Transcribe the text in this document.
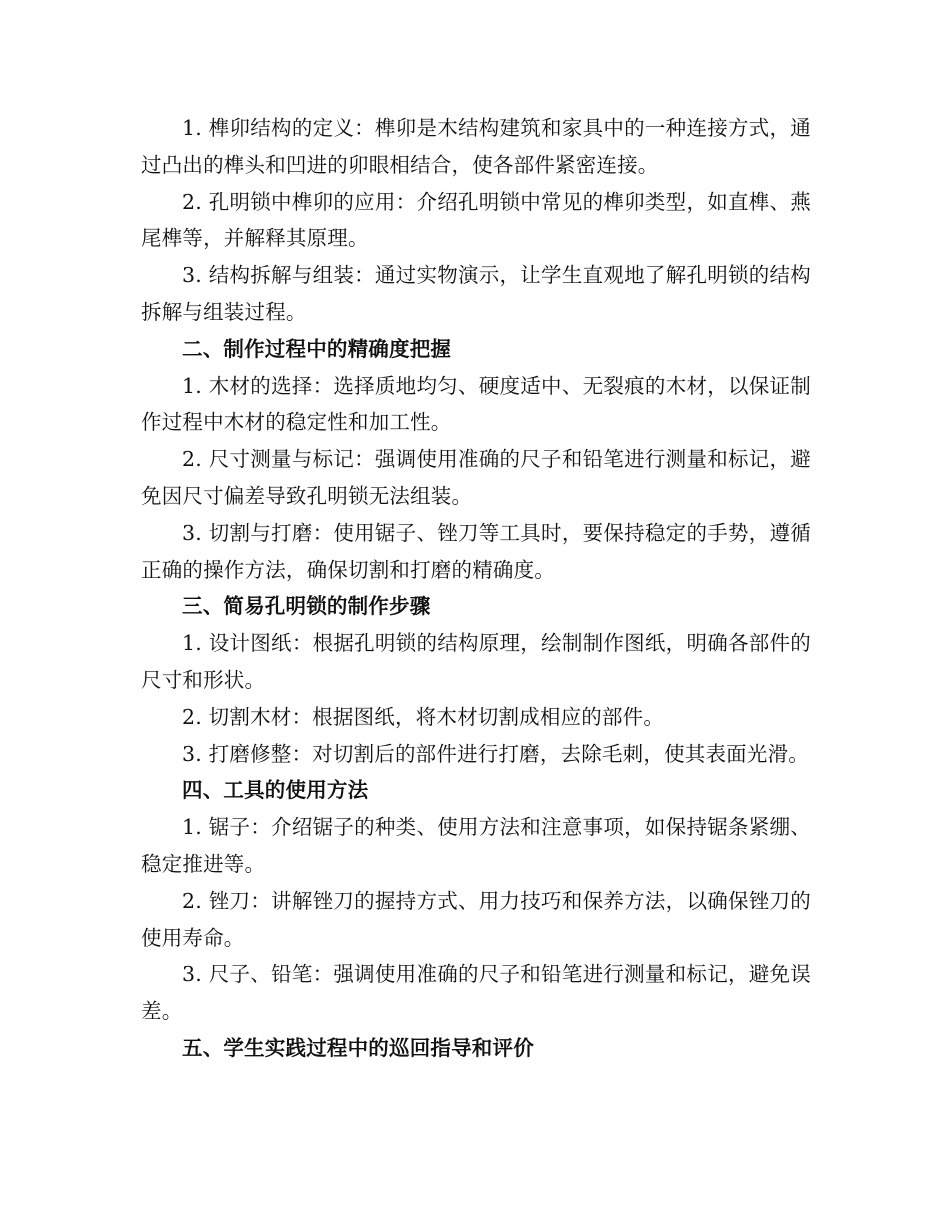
1. 榫卯结构的定义：榫卯是木结构建筑和家具中的一种连接方式，通过凸出的榫头和凹进的卯眼相结合，使各部件紧密连接。

2. 孔明锁中榫卯的应用：介绍孔明锁中常见的榫卯类型，如直榫、燕尾榫等，并解释其原理。

3. 结构拆解与组装：通过实物演示，让学生直观地了解孔明锁的结构拆解与组装过程。

二、制作过程中的精确度把握

1. 木材的选择：选择质地均匀、硬度适中、无裂痕的木材，以保证制作过程中木材的稳定性和加工性。

2. 尺寸测量与标记：强调使用准确的尺子和铅笔进行测量和标记，避免因尺寸偏差导致孔明锁无法组装。

3. 切割与打磨：使用锯子、锉刀等工具时，要保持稳定的手势，遵循正确的操作方法，确保切割和打磨的精确度。

三、简易孔明锁的制作步骤

1. 设计图纸：根据孔明锁的结构原理，绘制制作图纸，明确各部件的尺寸和形状。

2. 切割木材：根据图纸，将木材切割成相应的部件。

3. 打磨修整：对切割后的部件进行打磨，去除毛刺，使其表面光滑。

四、工具的使用方法

1. 锯子：介绍锯子的种类、使用方法和注意事项，如保持锯条紧绷、稳定推进等。

2. 锉刀：讲解锉刀的握持方式、用力技巧和保养方法，以确保锉刀的使用寿命。

3. 尺子、铅笔：强调使用准确的尺子和铅笔进行测量和标记，避免误差。

五、学生实践过程中的巡回指导和评价
